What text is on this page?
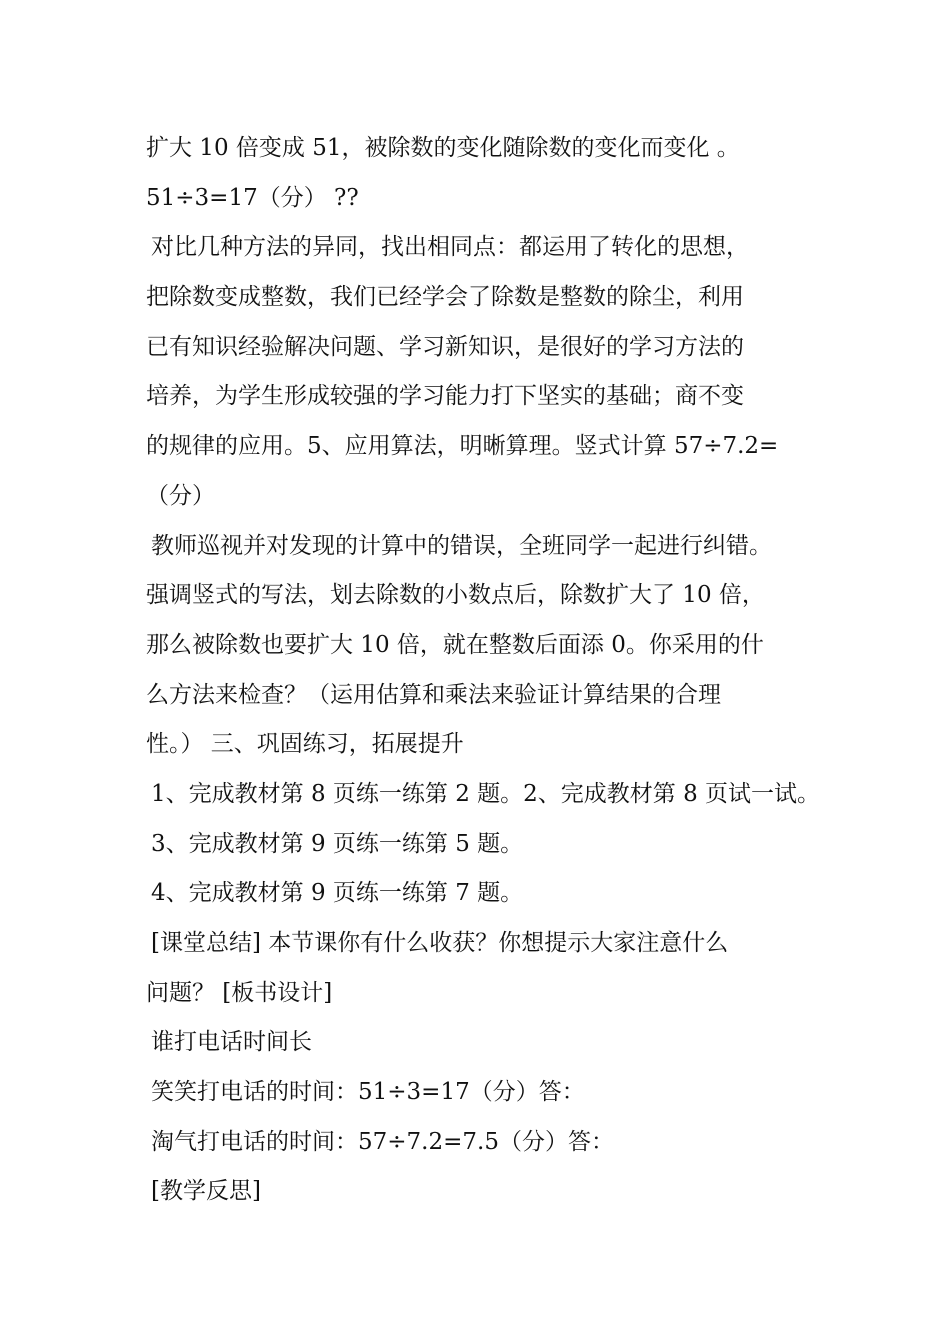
扩大 10 倍变成 51，被除数的变化随除数的变化而变化 。
51÷3=17（分） ??
对比几种方法的异同，找出相同点：都运用了转化的思想，
把除数变成整数，我们已经学会了除数是整数的除尘，利用
已有知识经验解决问题、学习新知识，是很好的学习方法的
培养，为学生形成较强的学习能力打下坚实的基础；商不变
的规律的应用。5、应用算法，明晰算理。竖式计算 57÷7.2=
（分）
教师巡视并对发现的计算中的错误，全班同学一起进行纠错。
强调竖式的写法，划去除数的小数点后，除数扩大了 10 倍，
那么被除数也要扩大 10 倍，就在整数后面添 0。你采用的什
么方法来检查？（运用估算和乘法来验证计算结果的合理
性。） 三、巩固练习，拓展提升
1、完成教材第 8 页练一练第 2 题。2、完成教材第 8 页试一试。
3、完成教材第 9 页练一练第 5 题。
4、完成教材第 9 页练一练第 7 题。
[课堂总结] 本节课你有什么收获？你想提示大家注意什么
问题？ [板书设计]
谁打电话时间长
笑笑打电话的时间：51÷3=17（分）答：
淘气打电话的时间：57÷7.2=7.5（分）答：
[教学反思]
